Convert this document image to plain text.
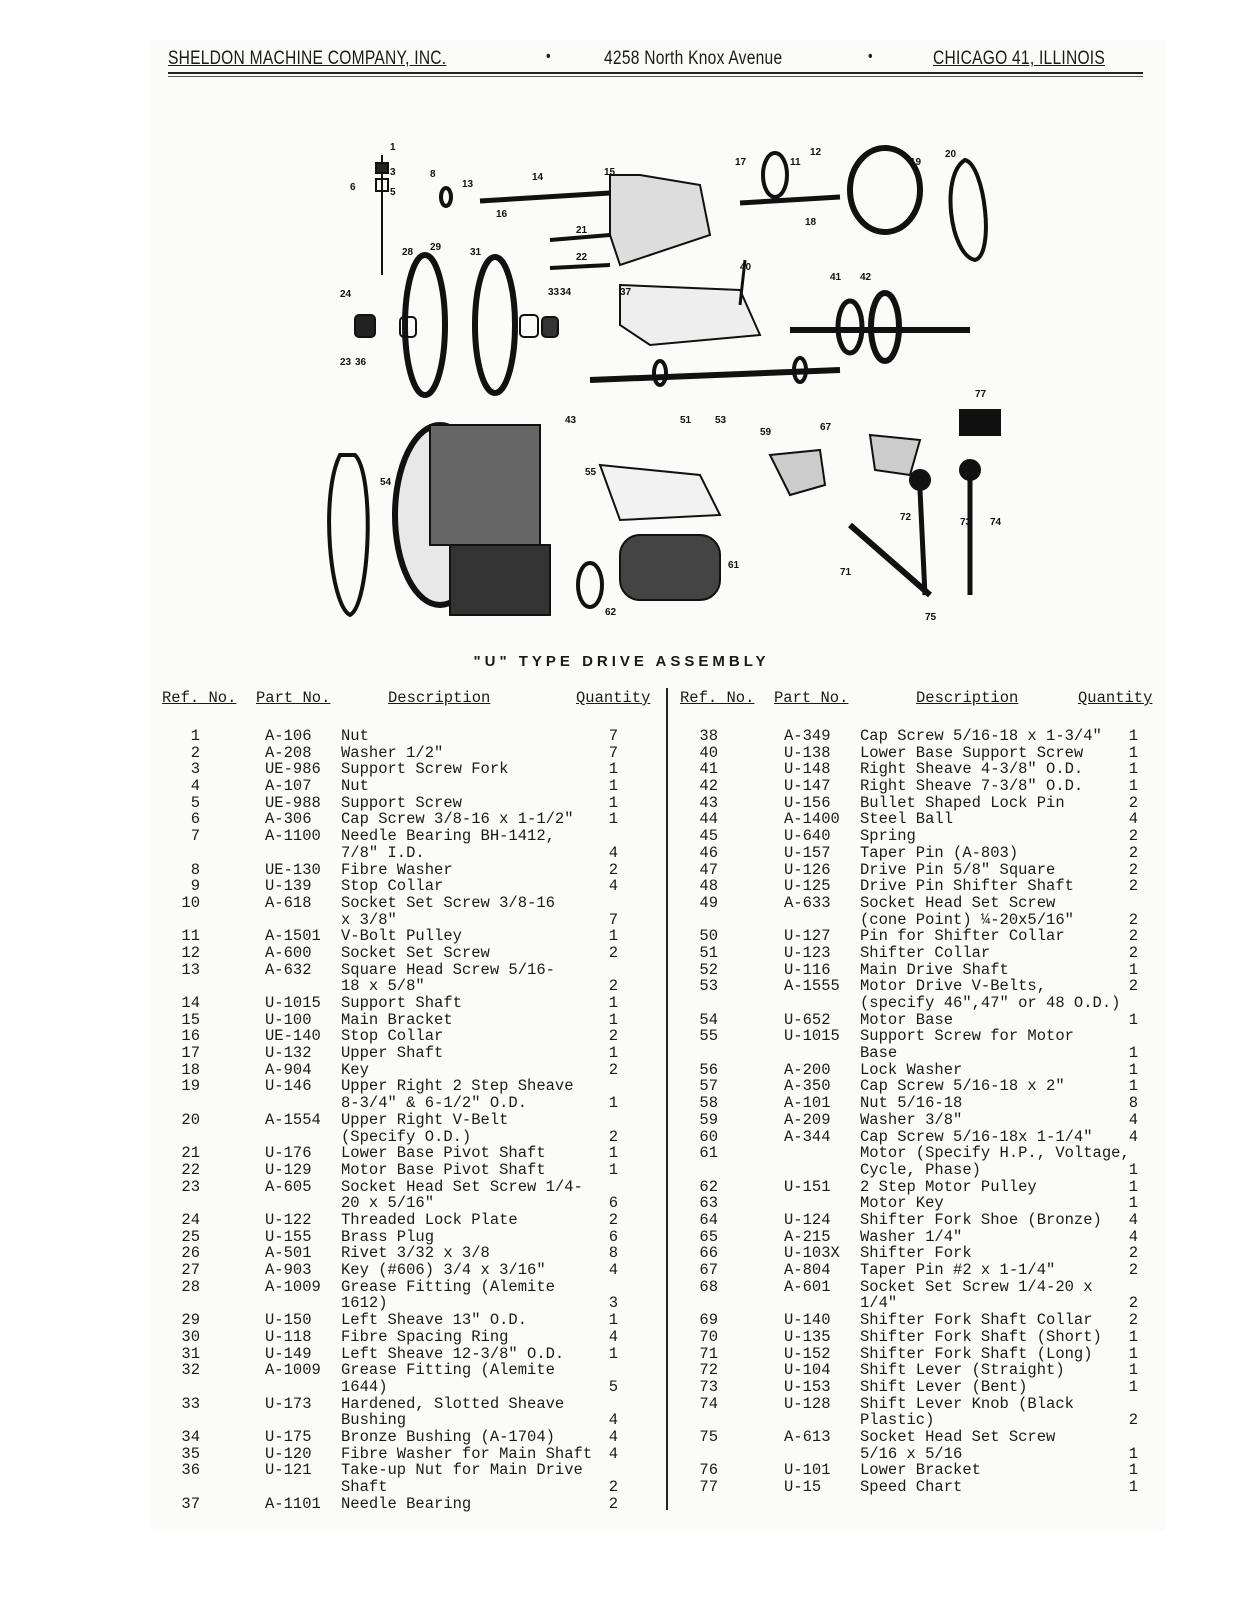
SHELDON MACHINE COMPANY, INC.	•	4258 North Knox Avenue	•	CHICAGO 41, ILLINOIS
1
3
5
6
8
13
14	15
16
21
22
28 29	31
33 34
24
23 36
37
40
17
12
11
18
19
20
41 42
43	51 53
77
54
55
59	67
61
62
71
72	73 74
75
"U" TYPE DRIVE ASSEMBLY
Ref. No. Part No.	Description	Quantity
1	A-106 Nut	7
2	A-208 Washer 1/2"	7
3	UE-986 Support Screw Fork	1
4	A-107 Nut	1
5	UE-988 Support Screw	1
6	A-306 Cap Screw 3/8-16 x 1-1/2"	1
7	A-1100 Needle Bearing BH-1412,
7/8" I.D.	4
8	UE-130 Fibre Washer	2
9	U-139 Stop Collar	4
10	A-618 Socket Set Screw 3/8-16
x 3/8"	7
11	A-1501 V-Bolt Pulley	1
12	A-600 Socket Set Screw	2
13	A-632 Square Head Screw 5/16-
18 x 5/8"	2
14	U-1015 Support Shaft	1
15	U-100 Main Bracket	1
16	UE-140 Stop Collar	2
17	U-132 Upper Shaft	1
18	A-904 Key	2
19	U-146 Upper Right 2 Step Sheave
8-3/4" & 6-1/2" O.D.	1
20	A-1554 Upper Right V-Belt
(Specify O.D.)	2
21	U-176 Lower Base Pivot Shaft	1
22	U-129 Motor Base Pivot Shaft	1
23	A-605 Socket Head Set Screw 1/4-
20 x 5/16"	6
24	U-122 Threaded Lock Plate	2
25	U-155 Brass Plug	6
26	A-501 Rivet 3/32 x 3/8	8
27	A-903 Key (#606) 3/4 x 3/16"	4
28	A-1009 Grease Fitting (Alemite
1612)	3
29	U-150 Left Sheave 13" O.D.	1
30	U-118 Fibre Spacing Ring	4
31	U-149 Left Sheave 12-3/8" O.D.	1
32	A-1009 Grease Fitting (Alemite
1644)	5
33	U-173 Hardened, Slotted Sheave
Bushing	4
34	U-175 Bronze Bushing (A-1704)	4
35	U-120 Fibre Washer for Main Shaft	4
36	U-121 Take-up Nut for Main Drive
Shaft	2
37	A-1101 Needle Bearing	2
Ref. No. Part No.	Description	Quantity
38	A-349 Cap Screw 5/16-18 x 1-3/4"	1
40	U-138 Lower Base Support Screw	1
41	U-148 Right Sheave 4-3/8" O.D.	1
42	U-147 Right Sheave 7-3/8" O.D.	1
43	U-156 Bullet Shaped Lock Pin	2
44	A-1400 Steel Ball	4
45	U-640 Spring	2
46	U-157 Taper Pin (A-803)	2
47	U-126 Drive Pin 5/8" Square	2
48	U-125 Drive Pin Shifter Shaft	2
49	A-633 Socket Head Set Screw
(cone Point) ¼-20x5/16"	2
50	U-127 Pin for Shifter Collar	2
51	U-123 Shifter Collar	2
52	U-116 Main Drive Shaft	1
53	A-1555 Motor Drive V-Belts,
(specify 46",47" or 48 O.D.)
2
54	U-652 Motor Base	1
55	U-1015 Support Screw for Motor
Base	1
56	A-200 Lock Washer	1
57	A-350 Cap Screw 5/16-18 x 2"	1
58	A-101 Nut 5/16-18	8
59	A-209 Washer 3/8"	4
60	A-344 Cap Screw 5/16-18x 1-1/4"	4
61	Motor (Specify H.P., Voltage,
Cycle, Phase)	1
62	U-151 2 Step Motor Pulley	1
63	Motor Key	1
64	U-124 Shifter Fork Shoe (Bronze)	4
65	A-215 Washer 1/4"	4
66	U-103X Shifter Fork	2
67	A-804 Taper Pin #2 x 1-1/4"	2
68	A-601 Socket Set Screw 1/4-20 x
1/4"	2
69	U-140 Shifter Fork Shaft Collar	2
70	U-135 Shifter Fork Shaft (Short)	1
71	U-152 Shifter Fork Shaft (Long)	1
72	U-104 Shift Lever (Straight)	1
73	U-153 Shift Lever (Bent)	1
74	U-128 Shift Lever Knob (Black
Plastic)	2
75	A-613 Socket Head Set Screw
5/16 x 5/16	1
76	U-101 Lower Bracket	1
77	U-15	Speed Chart	1
